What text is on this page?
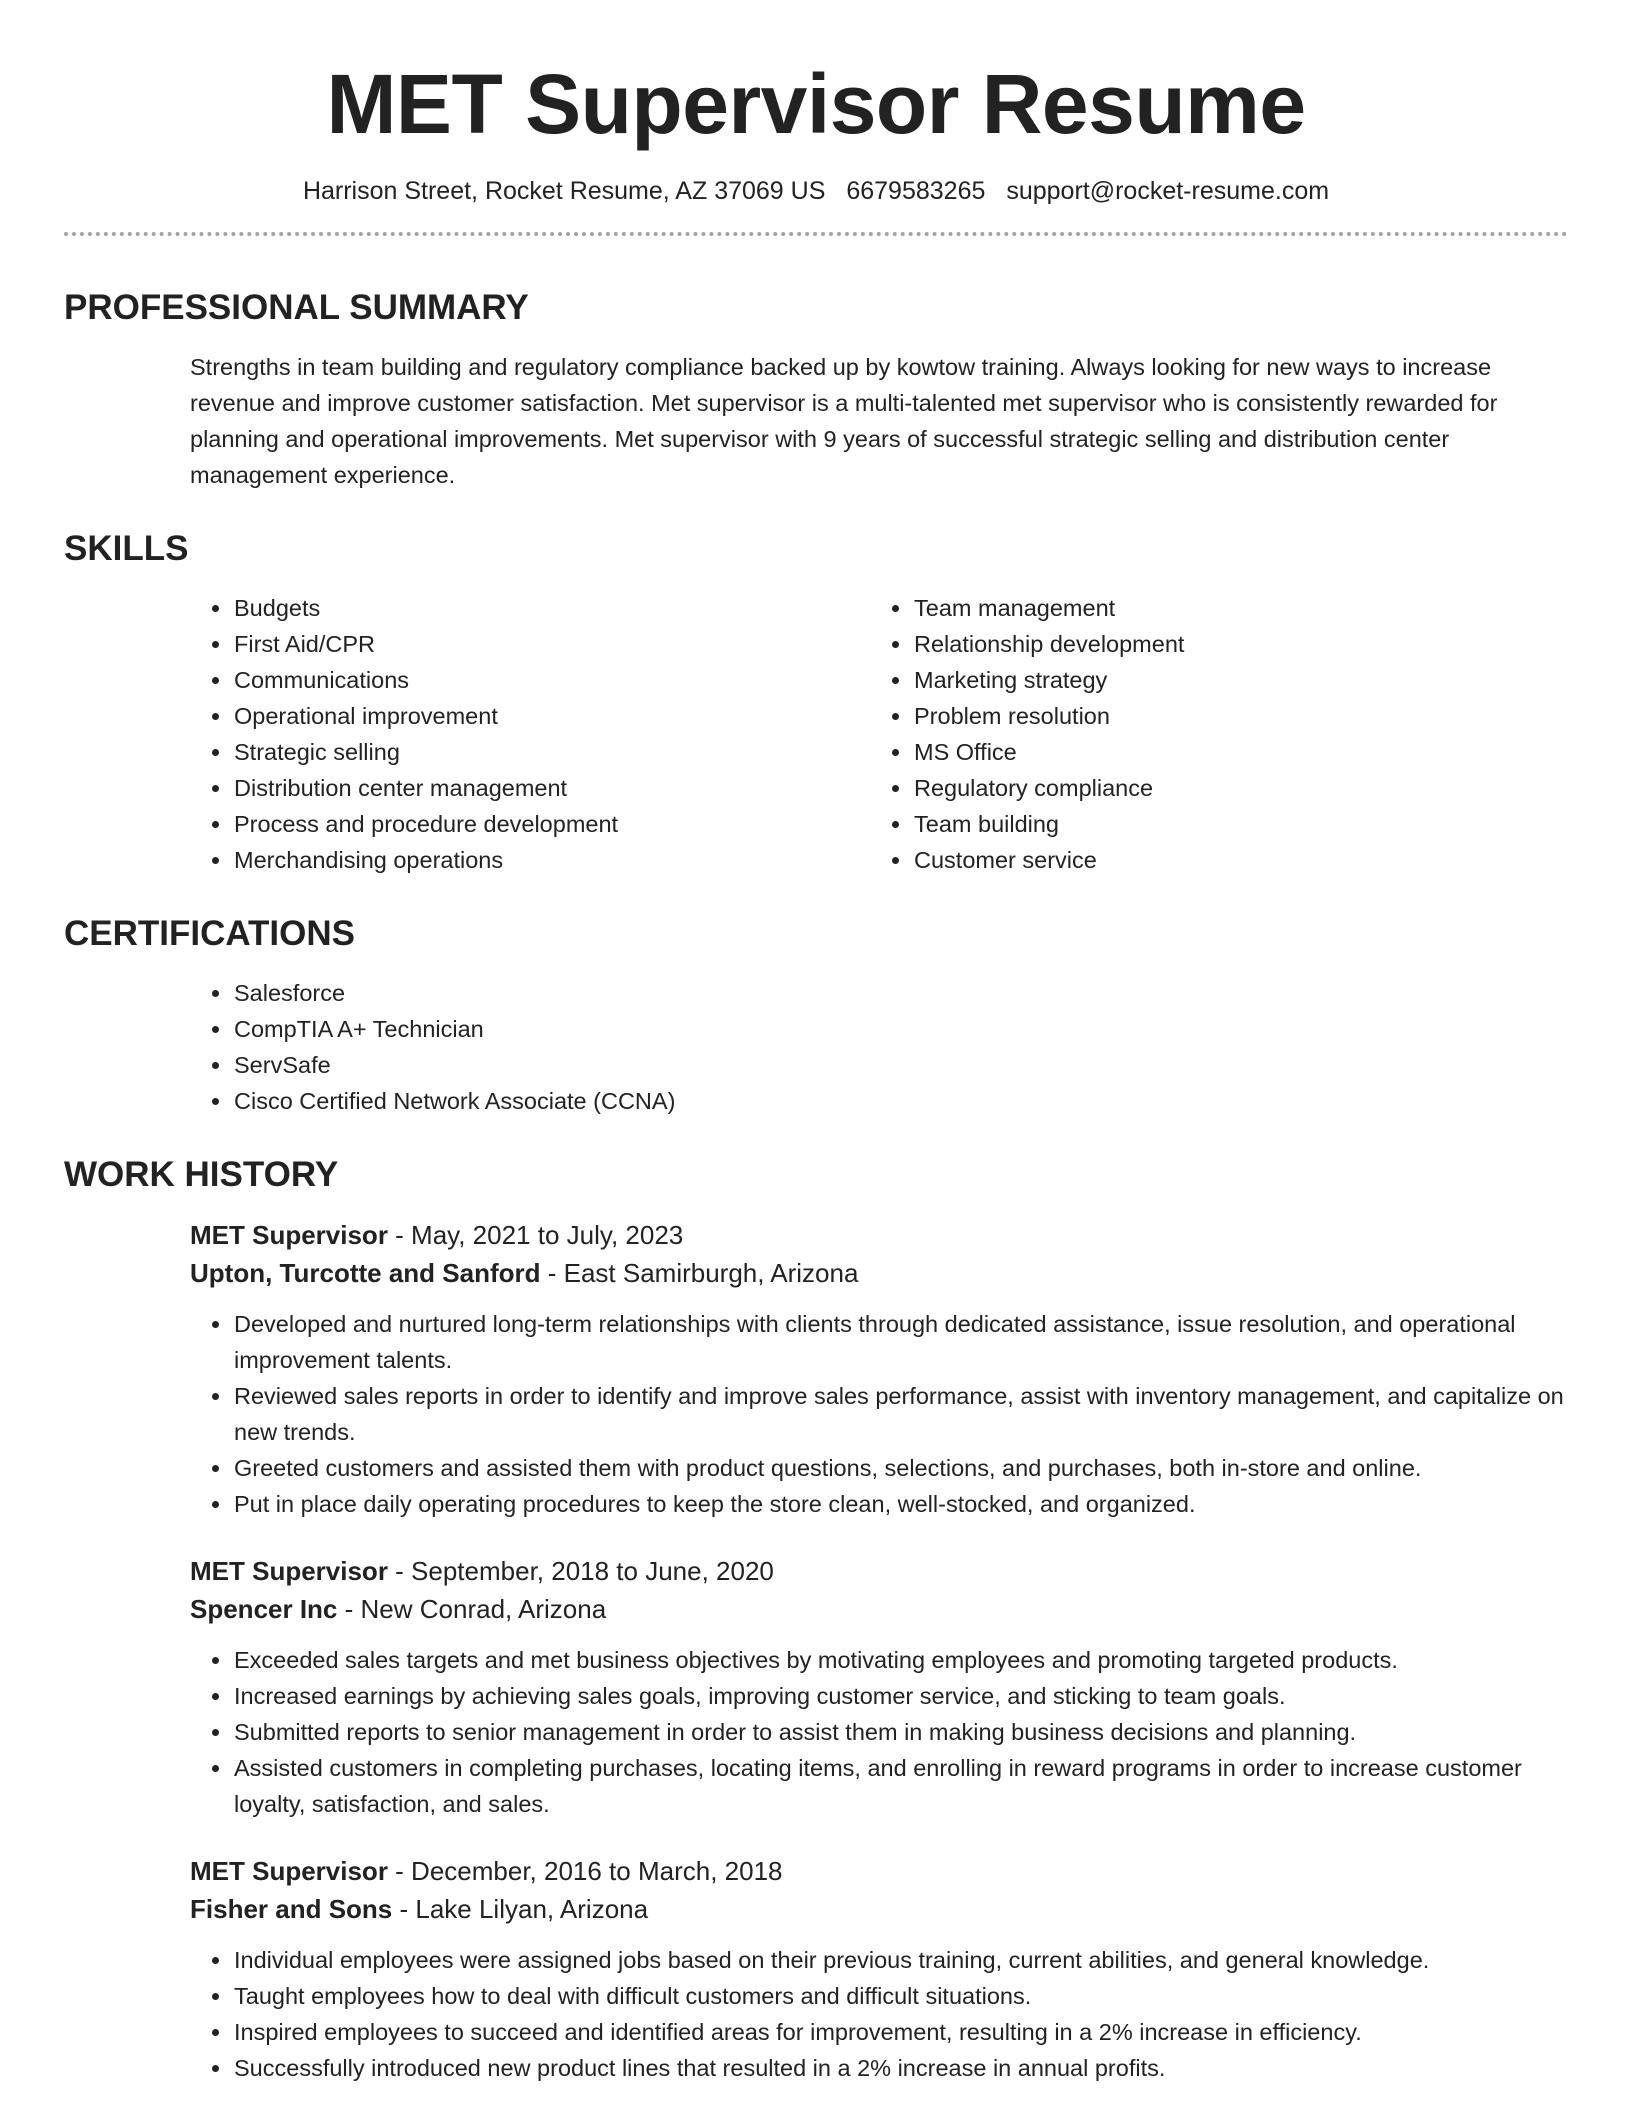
MET Supervisor Resume
Harrison Street, Rocket Resume, AZ 37069 US 6679583265 support@rocket-resume.com
PROFESSIONAL SUMMARY

Strengths in team building and regulatory compliance backed up by kowtow training. Always looking for new ways to increase revenue and improve customer satisfaction. Met supervisor is a multi-talented met supervisor who is consistently rewarded for planning and operational improvements. Met supervisor with 9 years of successful strategic selling and distribution center management experience.

SKILLS
• Budgets
• First Aid/CPR
• Communications
• Operational improvement
• Strategic selling
• Distribution center management
• Process and procedure development
• Merchandising operations
• Team management
• Relationship development
• Marketing strategy
• Problem resolution
• MS Office
• Regulatory compliance
• Team building
• Customer service
CERTIFICATIONS
• Salesforce
• CompTIA A+ Technician
• ServSafe
• Cisco Certified Network Associate (CCNA)
WORK HISTORY
MET Supervisor - May, 2021 to July, 2023
Upton, Turcotte and Sanford - East Samirburgh, Arizona
• Developed and nurtured long-term relationships with clients through dedicated assistance, issue resolution, and operational improvement talents.
• Reviewed sales reports in order to identify and improve sales performance, assist with inventory management, and capitalize on new trends.
• Greeted customers and assisted them with product questions, selections, and purchases, both in-store and online.
• Put in place daily operating procedures to keep the store clean, well-stocked, and organized.
MET Supervisor - September, 2018 to June, 2020
Spencer Inc - New Conrad, Arizona
• Exceeded sales targets and met business objectives by motivating employees and promoting targeted products.
• Increased earnings by achieving sales goals, improving customer service, and sticking to team goals.
• Submitted reports to senior management in order to assist them in making business decisions and planning.
• Assisted customers in completing purchases, locating items, and enrolling in reward programs in order to increase customer loyalty, satisfaction, and sales.
MET Supervisor - December, 2016 to March, 2018
Fisher and Sons - Lake Lilyan, Arizona
• Individual employees were assigned jobs based on their previous training, current abilities, and general knowledge.
• Taught employees how to deal with difficult customers and difficult situations.
• Inspired employees to succeed and identified areas for improvement, resulting in a 2% increase in efficiency.
• Successfully introduced new product lines that resulted in a 2% increase in annual profits.
